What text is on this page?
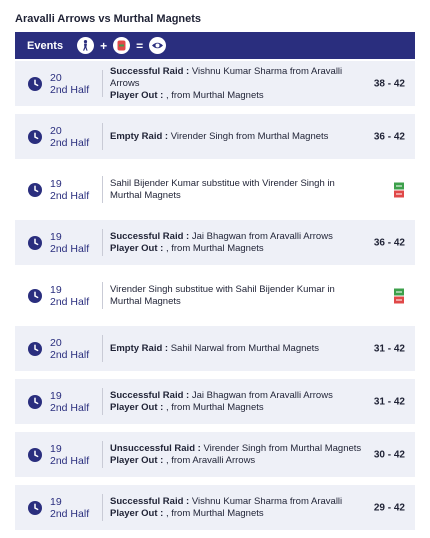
Aravalli Arrows vs Murthal Magnets
Events	+ =
20
2nd Half
Successful Raid : Vishnu Kumar Sharma from Aravalli Arrows
Player Out : , from Murthal Magnets
38 - 42
20
2nd Half
Empty Raid : Virender Singh from Murthal Magnets	36 - 42
19
2nd Half
Sahil Bijender Kumar substitue with Virender Singh in
Murthal Magnets
19
2nd Half
Successful Raid : Jai Bhagwan from Aravalli Arrows
Player Out : , from Murthal Magnets	36 - 42
19
2nd Half
Virender Singh substitue with Sahil Bijender Kumar in
Murthal Magnets
20
2nd Half
Empty Raid : Sahil Narwal from Murthal Magnets	31 - 42
19
2nd Half
Successful Raid : Jai Bhagwan from Aravalli Arrows
Player Out : , from Murthal Magnets	31 - 42
19
2nd Half
Unsuccessful Raid : Virender Singh from Murthal Magnets
Player Out : , from Aravalli Arrows	30 - 42
19
2nd Half
Successful Raid : Vishnu Kumar Sharma from Aravalli
Player Out : , from Murthal Magnets	29 - 42
